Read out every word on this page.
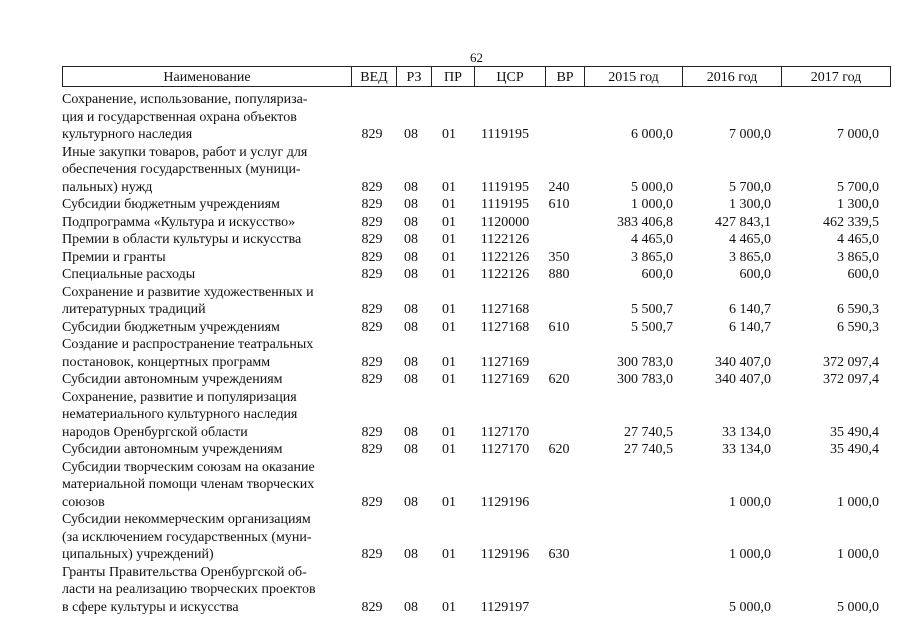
62
Наименование	ВЕД	РЗ	ПР	ЦСР	ВР	2015 год	2016 год	2017 год
Сохранение, использование, популяриза-
ция и государственная охрана объектов
культурного наследия	829	08	01	1119195		6 000,0	7 000,0	7 000,0

Иные закупки товаров, работ и услуг для
обеспечения государственных (муници-
пальных) нужд	829	08	01	1119195	240	5 000,0	5 700,0	5 700,0

Субсидии бюджетным учреждениям	829	08	01	1119195	610	1 000,0	1 300,0	1 300,0

Подпрограмма «Культура и искусство»	829	08	01	1120000		383 406,8	427 843,1	462 339,5

Премии в области культуры и искусства	829	08	01	1122126		4 465,0	4 465,0	4 465,0

Премии и гранты	829	08	01	1122126	350	3 865,0	3 865,0	3 865,0

Специальные расходы	829	08	01	1122126	880	600,0	600,0	600,0

Сохранение и развитие художественных и
литературных традиций	829	08	01	1127168		5 500,7	6 140,7	6 590,3

Субсидии бюджетным учреждениям	829	08	01	1127168	610	5 500,7	6 140,7	6 590,3

Создание и распространение театральных
постановок, концертных программ	829	08	01	1127169		300 783,0	340 407,0	372 097,4

Субсидии автономным учреждениям	829	08	01	1127169	620	300 783,0	340 407,0	372 097,4

Сохранение, развитие и популяризация
нематериального культурного наследия
народов Оренбургской области	829	08	01	1127170		27 740,5	33 134,0	35 490,4

Субсидии автономным учреждениям	829	08	01	1127170	620	27 740,5	33 134,0	35 490,4

Субсидии творческим союзам на оказание
материальной помощи членам творческих
союзов	829	08	01	1129196			1 000,0	1 000,0

Субсидии некоммерческим организациям
(за исключением государственных (муни-
ципальных) учреждений)	829	08	01	1129196	630		1 000,0	1 000,0

Гранты Правительства Оренбургской об-
ласти на реализацию творческих проектов
в сфере культуры и искусства	829	08	01	1129197			5 000,0	5 000,0
